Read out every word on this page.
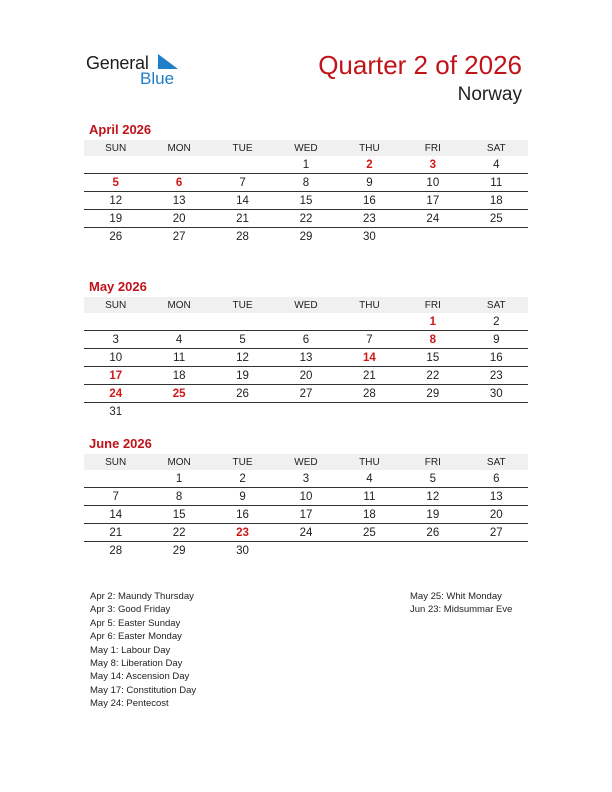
General
Blue	Quarter 2 of 2026
Norway
April 2026
SUN	MON	TUE	WED	THU	FRI	SAT
			1	2	3	4
5	6	7	8	9	10	11
12	13	14	15	16	17	18
19	20	21	22	23	24	25
26	27	28	29	30		
May 2026
SUN	MON	TUE	WED	THU	FRI	SAT
					1	2
3	4	5	6	7	8	9
10	11	12	13	14	15	16
17	18	19	20	21	22	23
24	25	26	27	28	29	30
31						
June 2026
SUN	MON	TUE	WED	THU	FRI	SAT
	1	2	3	4	5	6
7	8	9	10	11	12	13
14	15	16	17	18	19	20
21	22	23	24	25	26	27
28	29	30				
Apr 2: Maundy Thursday
Apr 3: Good Friday
Apr 5: Easter Sunday
Apr 6: Easter Monday
May 1: Labour Day
May 8: Liberation Day
May 14: Ascension Day
May 17: Constitution Day
May 24: Pentecost
May 25: Whit Monday
Jun 23: Midsummar Eve
